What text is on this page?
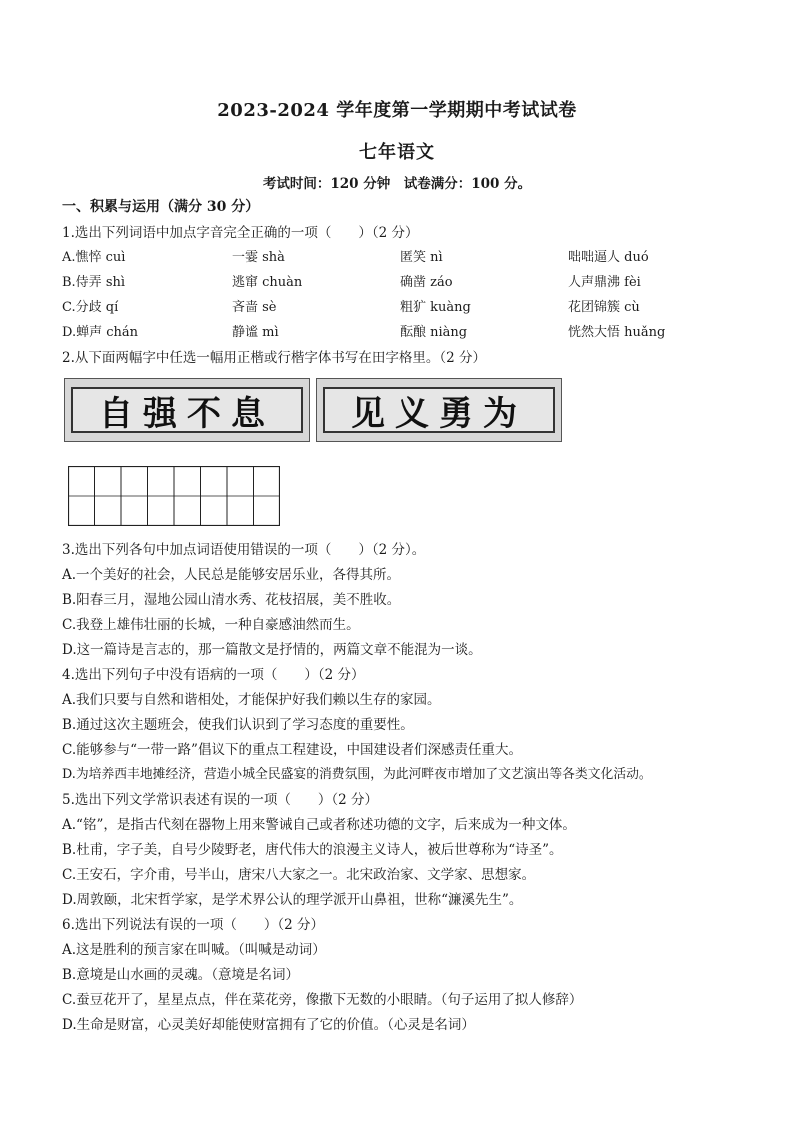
2023-2024 学年度第一学期期中考试试卷
七年语文
考试时间：120 分钟　试卷满分：100 分。
一、积累与运用（满分 30 分）
1.选出下列词语中加点字音完全正确的一项（　　）（2 分）
A.憔悴 cuì	一霎 shà	匿笑 nì	咄咄逼人 duó
B.侍弄 shì	逃窜 chuàn	确凿 záo	人声鼎沸 fèi
C.分歧 qí	吝啬 sè	粗犷 kuàng	花团锦簇 cù
D.蝉声 chán	静谧 mì	酝酿 niàng	恍然大悟 huǎng
2.从下面两幅字中任选一幅用正楷或行楷字体书写在田字格里。（2 分）
自强不息 见义勇为
3.选出下列各句中加点词语使用错误的一项（　　）（2 分）。
A.一个美好的社会，人民总是能够安居乐业，各得其所。
B.阳春三月，湿地公园山清水秀、花枝招展，美不胜收。
C.我登上雄伟壮丽的长城，一种自豪感油然而生。
D.这一篇诗是言志的，那一篇散文是抒情的，两篇文章不能混为一谈。
4.选出下列句子中没有语病的一项（　　）（2 分）
A.我们只要与自然和谐相处，才能保护好我们赖以生存的家园。
B.通过这次主题班会，使我们认识到了学习态度的重要性。
C.能够参与“一带一路”倡议下的重点工程建设，中国建设者们深感责任重大。
D.为培养西丰地摊经济，营造小城全民盛宴的消费氛围，为此河畔夜市增加了文艺演出等各类文化活动。
5.选出下列文学常识表述有误的一项（　　）（2 分）
A.“铭”，是指古代刻在器物上用来警诫自己或者称述功德的文字，后来成为一种文体。
B.杜甫，字子美，自号少陵野老，唐代伟大的浪漫主义诗人，被后世尊称为“诗圣”。
C.王安石，字介甫，号半山，唐宋八大家之一。北宋政治家、文学家、思想家。
D.周敦颐，北宋哲学家，是学术界公认的理学派开山鼻祖，世称“濂溪先生”。
6.选出下列说法有误的一项（　　）（2 分）
A.这是胜利的预言家在叫喊。（叫喊是动词）
B.意境是山水画的灵魂。（意境是名词）
C.蚕豆花开了，星星点点，伴在菜花旁，像撒下无数的小眼睛。（句子运用了拟人修辞）
D.生命是财富，心灵美好却能使财富拥有了它的价值。（心灵是名词）
